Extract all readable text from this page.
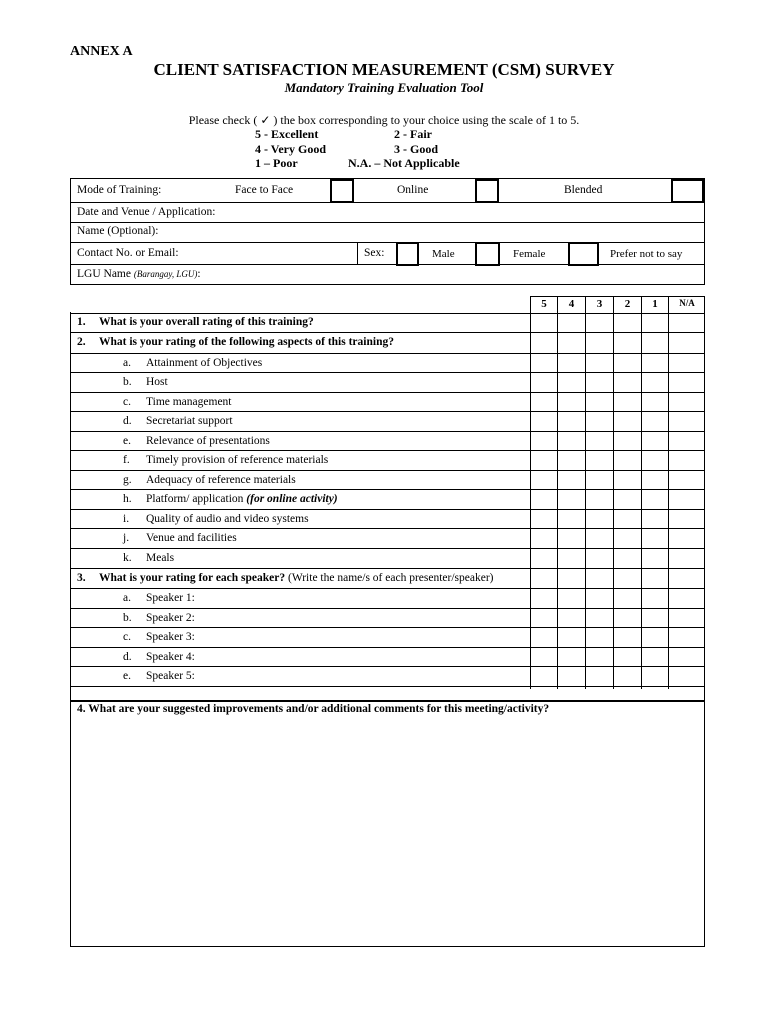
ANNEX A
CLIENT SATISFACTION MEASUREMENT (CSM) SURVEY
Mandatory Training Evaluation Tool
Please check ( ✓ ) the box corresponding to your choice using the scale of 1 to 5.
5 - Excellent	2 - Fair
4 - Very Good	3 - Good
1 – Poor	N.A. – Not Applicable
Mode of Training:	Face to Face	Online	Blended
Date and Venue / Application:
Name (Optional):
Contact No. or Email:	Sex:	Male	Female	Prefer not to say
LGU Name (Barangay, LGU):
5	4	3	2	1	N/A
1. What is your overall rating of this training?
2. What is your rating of the following aspects of this training?
a. Attainment of Objectives
b. Host
c. Time management
d. Secretariat support
e. Relevance of presentations
f. Timely provision of reference materials
g. Adequacy of reference materials
h. Platform/ application (for online activity)
i. Quality of audio and video systems
j. Venue and facilities
k. Meals
3. What is your rating for each speaker? (Write the name/s of each presenter/speaker)
a. Speaker 1:
b. Speaker 2:
c. Speaker 3:
d. Speaker 4:
e. Speaker 5:
4. What are your suggested improvements and/or additional comments for this meeting/activity?
